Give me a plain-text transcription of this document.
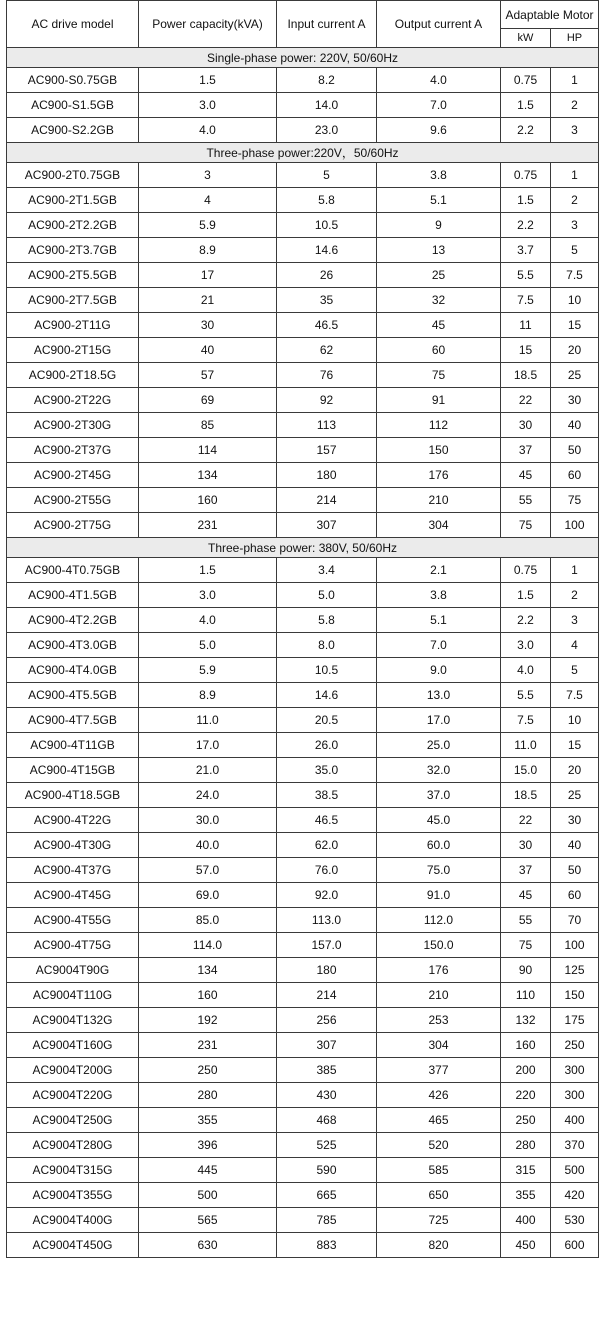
AC drive model	Power capacity(kVA)	Input current A	Output current A	Adaptable Motor	
				kW	HP
Single-phase power: 220V, 50/60Hz					
AC900-S0.75GB	1.5	8.2	4.0	0.75	1
AC900-S1.5GB	3.0	14.0	7.0	1.5	2
AC900-S2.2GB	4.0	23.0	9.6	2.2	3
Three-phase power:220V，50/60Hz					
AC900-2T0.75GB	3	5	3.8	0.75	1
AC900-2T1.5GB	4	5.8	5.1	1.5	2
AC900-2T2.2GB	5.9	10.5	9	2.2	3
AC900-2T3.7GB	8.9	14.6	13	3.7	5
AC900-2T5.5GB	17	26	25	5.5	7.5
AC900-2T7.5GB	21	35	32	7.5	10
AC900-2T11G	30	46.5	45	11	15
AC900-2T15G	40	62	60	15	20
AC900-2T18.5G	57	76	75	18.5	25
AC900-2T22G	69	92	91	22	30
AC900-2T30G	85	113	112	30	40
AC900-2T37G	114	157	150	37	50
AC900-2T45G	134	180	176	45	60
AC900-2T55G	160	214	210	55	75
AC900-2T75G	231	307	304	75	100
Three-phase power: 380V, 50/60Hz					
AC900-4T0.75GB	1.5	3.4	2.1	0.75	1
AC900-4T1.5GB	3.0	5.0	3.8	1.5	2
AC900-4T2.2GB	4.0	5.8	5.1	2.2	3
AC900-4T3.0GB	5.0	8.0	7.0	3.0	4
AC900-4T4.0GB	5.9	10.5	9.0	4.0	5
AC900-4T5.5GB	8.9	14.6	13.0	5.5	7.5
AC900-4T7.5GB	11.0	20.5	17.0	7.5	10
AC900-4T11GB	17.0	26.0	25.0	11.0	15
AC900-4T15GB	21.0	35.0	32.0	15.0	20
AC900-4T18.5GB	24.0	38.5	37.0	18.5	25
AC900-4T22G	30.0	46.5	45.0	22	30
AC900-4T30G	40.0	62.0	60.0	30	40
AC900-4T37G	57.0	76.0	75.0	37	50
AC900-4T45G	69.0	92.0	91.0	45	60
AC900-4T55G	85.0	113.0	112.0	55	70
AC900-4T75G	114.0	157.0	150.0	75	100
AC9004T90G	134	180	176	90	125
AC9004T110G	160	214	210	110	150
AC9004T132G	192	256	253	132	175
AC9004T160G	231	307	304	160	250
AC9004T200G	250	385	377	200	300
AC9004T220G	280	430	426	220	300
AC9004T250G	355	468	465	250	400
AC9004T280G	396	525	520	280	370
AC9004T315G	445	590	585	315	500
AC9004T355G	500	665	650	355	420
AC9004T400G	565	785	725	400	530
AC9004T450G	630	883	820	450	600
